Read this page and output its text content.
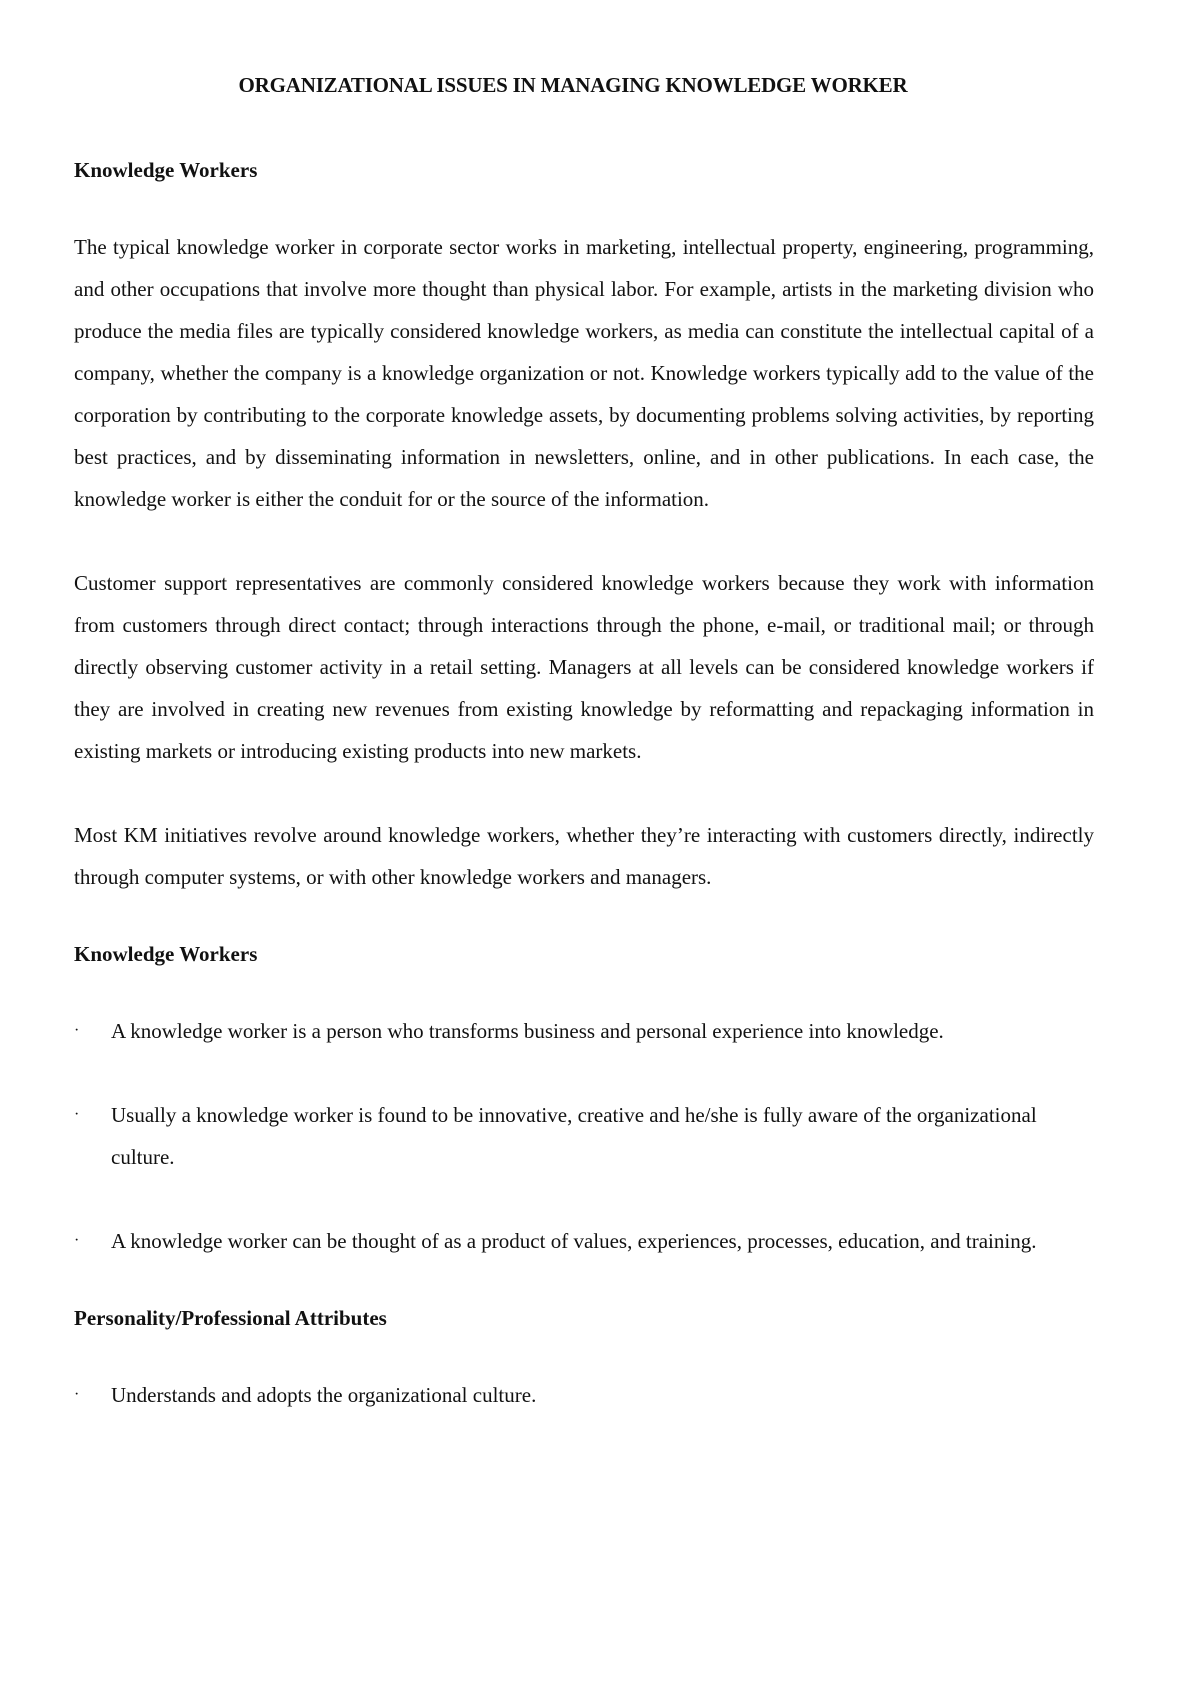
ORGANIZATIONAL ISSUES IN MANAGING KNOWLEDGE WORKER
Knowledge Workers

The typical knowledge worker in corporate sector works in marketing, intellectual property, engineering, programming, and other occupations that involve more thought than physical labor. For example, artists in the marketing division who produce the media files are typically considered knowledge workers, as media can constitute the intellectual capital of a company, whether the company is a knowledge organization or not. Knowledge workers typically add to the value of the corporation by contributing to the corporate knowledge assets, by documenting problems solving activities, by reporting best practices, and by disseminating information in newsletters, online, and in other publications. In each case, the knowledge worker is either the conduit for or the source of the information.

Customer support representatives are commonly considered knowledge workers because they work with information from customers through direct contact; through interactions through the phone, e-mail, or traditional mail; or through directly observing customer activity in a retail setting. Managers at all levels can be considered knowledge workers if they are involved in creating new revenues from existing knowledge by reformatting and repackaging information in existing markets or introducing existing products into new markets.

Most KM initiatives revolve around knowledge workers, whether they’re interacting with customers directly, indirectly through computer systems, or with other knowledge workers and managers.

Knowledge Workers
·	A knowledge worker is a person who transforms business and personal experience into knowledge.
·	Usually a knowledge worker is found to be innovative, creative and he/she is fully aware of the organizational culture.
·	A knowledge worker can be thought of as a product of values, experiences, processes, education, and training.
Personality/Professional Attributes
·	Understands and adopts the organizational culture.
